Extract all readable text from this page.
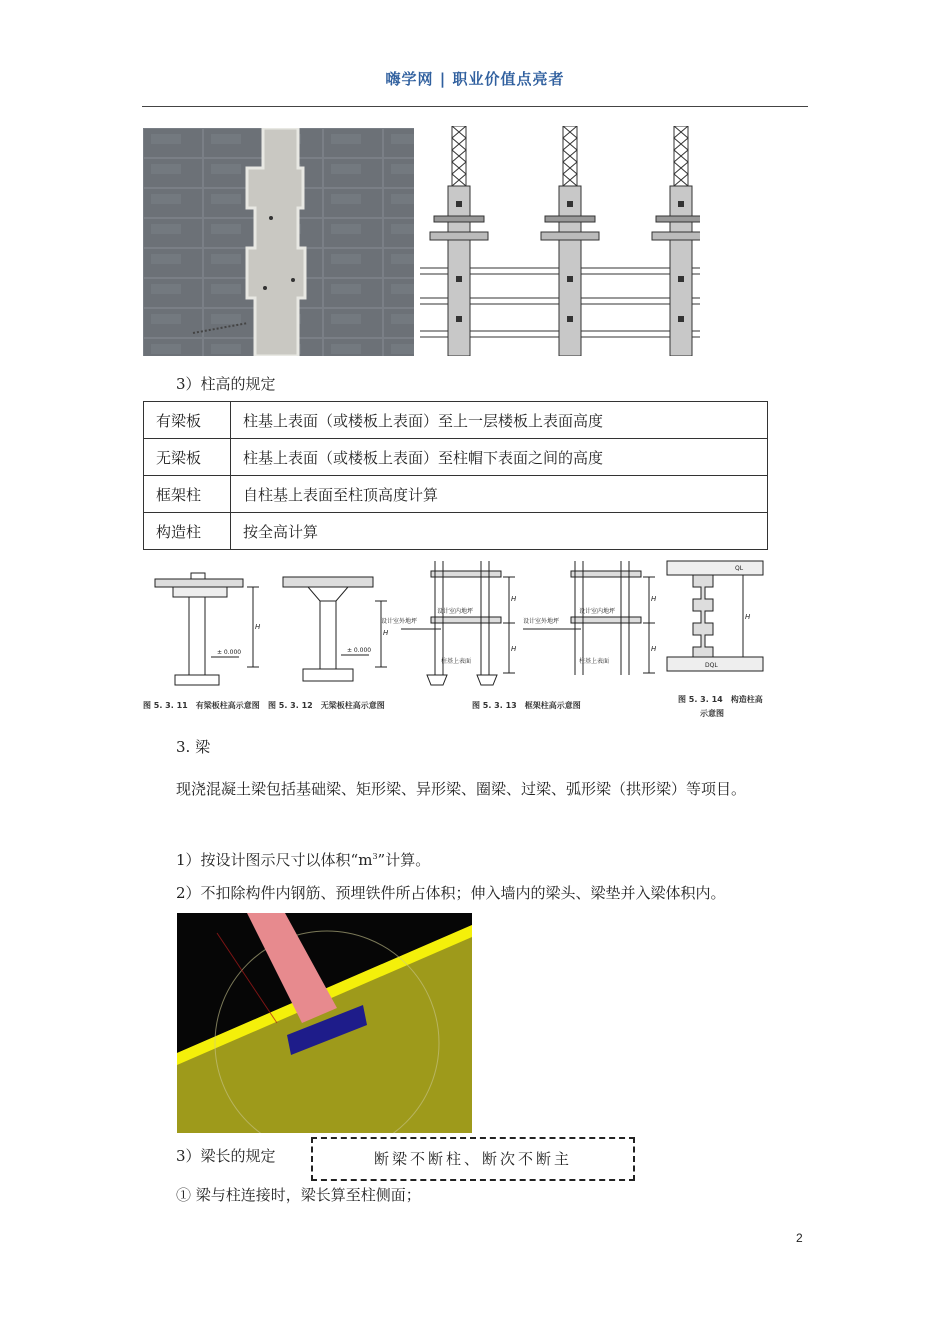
嗨学网 | 职业价值点亮者
3）柱高的规定
有梁板	柱基上表面（或楼板上表面）至上一层楼板上表面高度
无梁板	柱基上表面（或楼板上表面）至柱帽下表面之间的高度
框架柱	自柱基上表面至柱顶高度计算
构造柱	按全高计算
H
H
H
H
H
H
H
± 0.000	± 0.000
设计室外地坪
设计室内地坪
柱基上表面
设计室外地坪
设计室内地坪
柱基上表面
QL
DQL
图 5. 3. 11　有梁板柱高示意图 图 5. 3. 12　无梁板柱高示意图	图 5. 3. 13　框架柱高示意图
图 5. 3. 14　构造柱高
示意图
3. 梁
现浇混凝土梁包括基础梁、矩形梁、异形梁、圈梁、过梁、弧形梁（拱形梁）等项目。
1）按设计图示尺寸以体积“$m^3$”计算。
2）不扣除构件内钢筋、预埋铁件所占体积；伸入墙内的梁头、梁垫并入梁体积内。
3）梁长的规定	断梁不断柱、断次不断主
① 梁与柱连接时，梁长算至柱侧面；
2
